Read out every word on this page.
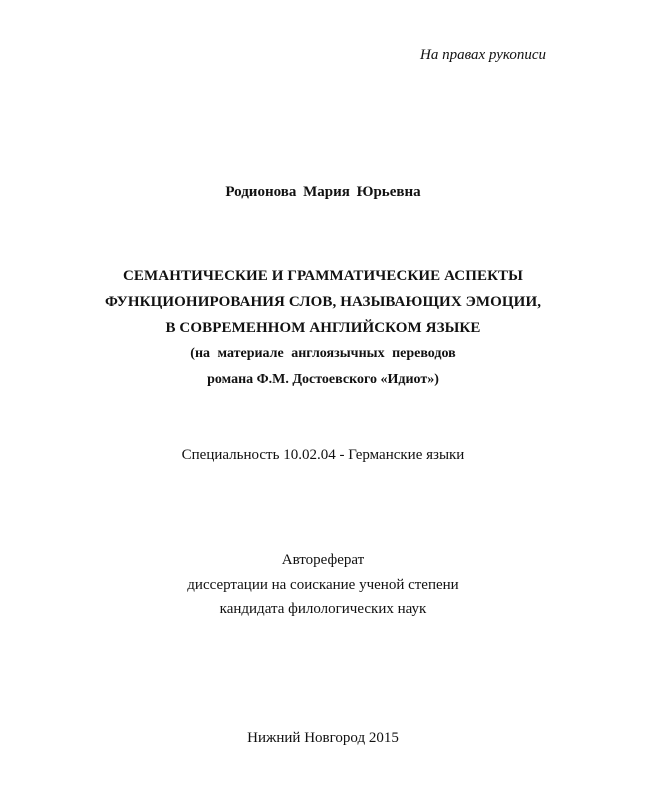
На правах рукописи
Родионова Мария Юрьевна
СЕМАНТИЧЕСКИЕ И ГРАММАТИЧЕСКИЕ АСПЕКТЫ
ФУНКЦИОНИРОВАНИЯ СЛОВ, НАЗЫВАЮЩИХ ЭМОЦИИ,
В СОВРЕМЕННОМ АНГЛИЙСКОМ ЯЗЫКЕ
(на материале англоязычных переводов
романа Ф.М. Достоевского «Идиот»)
Специальность 10.02.04 - Германские языки
Автореферат
диссертации на соискание ученой степени
кандидата филологических наук
Нижний Новгород 2015
